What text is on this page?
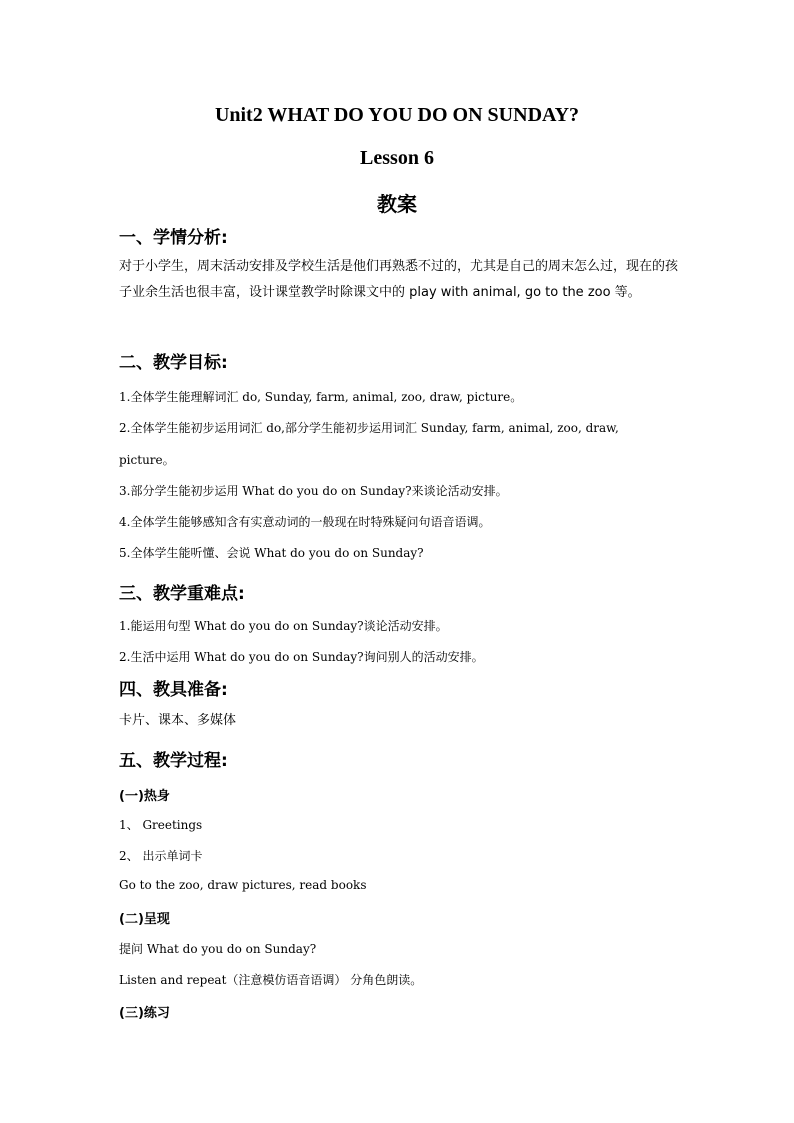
Unit2 WHAT DO YOU DO ON SUNDAY?
Lesson 6
教案
一、学情分析:
对于小学生，周末活动安排及学校生活是他们再熟悉不过的，尤其是自己的周末怎么过，现在的孩子业余生活也很丰富，设计课堂教学时除课文中的 play with animal, go to the zoo 等。
二、教学目标:
1.全体学生能理解词汇 do, Sunday, farm, animal, zoo, draw, picture。
2.全体学生能初步运用词汇 do,部分学生能初步运用词汇 Sunday, farm, animal, zoo, draw,
picture。
3.部分学生能初步运用 What do you do on Sunday?来谈论活动安排。
4.全体学生能够感知含有实意动词的一般现在时特殊疑问句语音语调。
5.全体学生能听懂、会说 What do you do on Sunday?
三、教学重难点:
1.能运用句型 What do you do on Sunday?谈论活动安排。
2.生活中运用 What do you do on Sunday?询问别人的活动安排。
四、教具准备:
卡片、课本、多媒体
五、教学过程:
(一)热身
1、 Greetings
2、 出示单词卡
Go to the zoo, draw pictures, read books
(二)呈现
提问 What do you do on Sunday?
Listen and repeat（注意模仿语音语调） 分角色朗读。
(三)练习
